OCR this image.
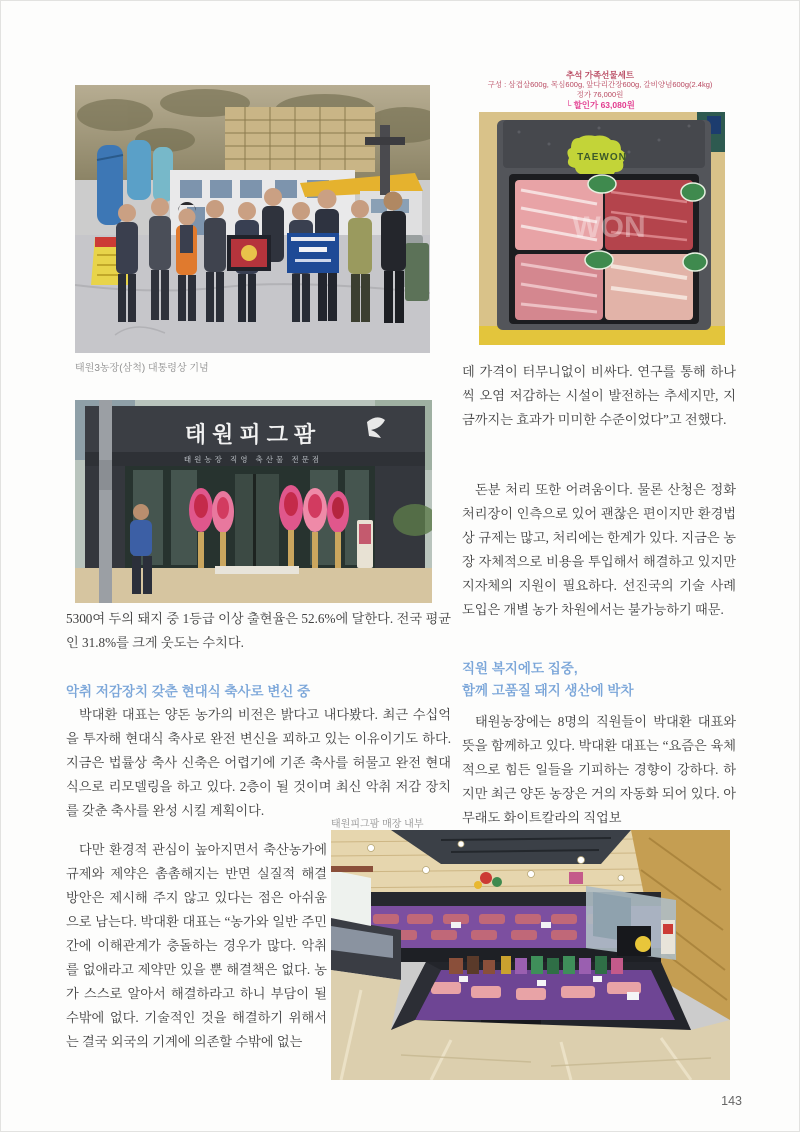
추석 가족선물세트
구성 : 삼겹살600g, 목심600g, 앞다리간장600g, 갈비양념600g(2.4kg)
정가 76,000원
└ 할인가 63,080원
태원3농장(삼척) 대통령상 기념
태원피그팜
태원농장 직영 축산물 전문점
5300여 두의 돼지 중 1등급 이상 출현율은 52.6%에 달한다. 전국 평균인 31.8%를 크게 웃도는 수치다.
악취 저감장치 갖춘 현대식 축사로 변신 중
박대환 대표는 양돈 농가의 비전은 밝다고 내다봤다. 최근 수십억을 투자해 현대식 축사로 완전 변신을 꾀하고 있는 이유이기도 하다. 지금은 법률상 축사 신축은 어렵기에 기존 축사를 허물고 완전 현대식으로 리모델링을 하고 있다. 2층이 될 것이며 최신 악취 저감 장치를 갖춘 축사를 완성 시킬 계획이다.
다만 환경적 관심이 높아지면서 축산농가에 규제와 제약은 촘촘해지는 반면 실질적 해결 방안은 제시해 주지 않고 있다는 점은 아쉬움으로 남는다. 박대환 대표는 “농가와 일반 주민간에 이해관계가 충돌하는 경우가 많다. 악취를 없애라고 제약만 있을 뿐 해결책은 없다. 농가 스스로 알아서 해결하라고 하니 부담이 될 수밖에 없다. 기술적인 것을 해결하기 위해서는 결국 외국의 기계에 의존할 수밖에 없는
TAEWON
WON
데 가격이 터무니없이 비싸다. 연구를 통해 하나씩 오염 저감하는 시설이 발전하는 추세지만, 지금까지는 효과가 미미한 수준이었다”고 전했다.
돈분 처리 또한 어려움이다. 물론 산청은 정화처리장이 인측으로 있어 괜찮은 편이지만 환경법상 규제는 많고, 처리에는 한계가 있다. 지금은 농장 자체적으로 비용을 투입해서 해결하고 있지만 지자체의 지원이 필요하다. 선진국의 기술 사례 도입은 개별 농가 차원에서는 불가능하기 때문.
직원 복지에도 집중,
함께 고품질 돼지 생산에 박차
태원농장에는 8명의 직원들이 박대환 대표와 뜻을 함께하고 있다. 박대환 대표는 “요즘은 육체적으로 힘든 일들을 기피하는 경향이 강하다. 하지만 최근 양돈 농장은 거의 자동화 되어 있다. 아무래도 화이트칼라의 직업보
태원피그팜 매장 내부
143
